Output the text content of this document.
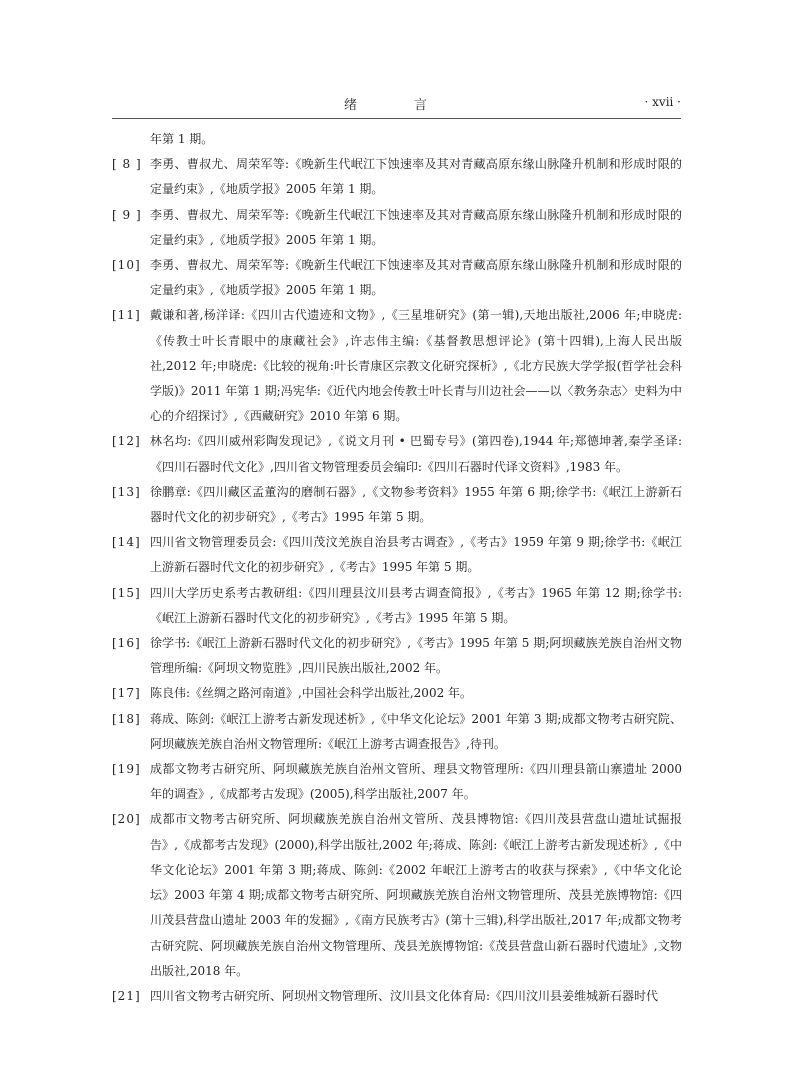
绪　言	· xvii ·
年第 1 期。
[ 8 ] 李勇、曹叔尤、周荣军等:《晚新生代岷江下蚀速率及其对青藏高原东缘山脉隆升机制和形成时限的定量约束》,《地质学报》2005 年第 1 期。
[ 9 ] 李勇、曹叔尤、周荣军等:《晚新生代岷江下蚀速率及其对青藏高原东缘山脉隆升机制和形成时限的定量约束》,《地质学报》2005 年第 1 期。
[10] 李勇、曹叔尤、周荣军等:《晚新生代岷江下蚀速率及其对青藏高原东缘山脉隆升机制和形成时限的定量约束》,《地质学报》2005 年第 1 期。
[11] 戴谦和著,杨洋译:《四川古代遗迹和文物》,《三星堆研究》(第一辑),天地出版社,2006 年;申晓虎:《传教士叶长青眼中的康藏社会》,许志伟主编:《基督教思想评论》(第十四辑),上海人民出版社,2012 年;申晓虎:《比较的视角:叶长青康区宗教文化研究探析》,《北方民族大学学报(哲学社会科学版)》2011 年第 1 期;冯宪华:《近代内地会传教士叶长青与川边社会——以〈教务杂志〉史料为中心的介绍探讨》,《西藏研究》2010 年第 6 期。
[12] 林名均:《四川威州彩陶发现记》,《说文月刊 • 巴蜀专号》(第四卷),1944 年;郑德坤著,秦学圣译:《四川石器时代文化》,四川省文物管理委员会编印:《四川石器时代译文资料》,1983 年。
[13] 徐鹏章:《四川藏区孟董沟的磨制石器》,《文物参考资料》1955 年第 6 期;徐学书:《岷江上游新石器时代文化的初步研究》,《考古》1995 年第 5 期。
[14] 四川省文物管理委员会:《四川茂汶羌族自治县考古调查》,《考古》1959 年第 9 期;徐学书:《岷江上游新石器时代文化的初步研究》,《考古》1995 年第 5 期。
[15] 四川大学历史系考古教研组:《四川理县汶川县考古调查简报》,《考古》1965 年第 12 期;徐学书:《岷江上游新石器时代文化的初步研究》,《考古》1995 年第 5 期。
[16] 徐学书:《岷江上游新石器时代文化的初步研究》,《考古》1995 年第 5 期;阿坝藏族羌族自治州文物管理所编:《阿坝文物览胜》,四川民族出版社,2002 年。
[17] 陈良伟:《丝绸之路河南道》,中国社会科学出版社,2002 年。
[18] 蒋成、陈剑:《岷江上游考古新发现述析》,《中华文化论坛》2001 年第 3 期;成都文物考古研究院、阿坝藏族羌族自治州文物管理所:《岷江上游考古调查报告》,待刊。
[19] 成都文物考古研究所、阿坝藏族羌族自治州文管所、理县文物管理所:《四川理县箭山寨遗址 2000 年的调查》,《成都考古发现》(2005),科学出版社,2007 年。
[20] 成都市文物考古研究所、阿坝藏族羌族自治州文管所、茂县博物馆:《四川茂县营盘山遗址试掘报告》,《成都考古发现》(2000),科学出版社,2002 年;蒋成、陈剑:《岷江上游考古新发现述析》,《中华文化论坛》2001 年第 3 期;蒋成、陈剑:《2002 年岷江上游考古的收获与探索》,《中华文化论坛》2003 年第 4 期;成都文物考古研究所、阿坝藏族羌族自治州文物管理所、茂县羌族博物馆:《四川茂县营盘山遗址 2003 年的发掘》,《南方民族考古》(第十三辑),科学出版社,2017 年;成都文物考古研究院、阿坝藏族羌族自治州文物管理所、茂县羌族博物馆:《茂县营盘山新石器时代遗址》,文物出版社,2018 年。
[21] 四川省文物考古研究所、阿坝州文物管理所、汶川县文化体育局:《四川汶川县姜维城新石器时代
